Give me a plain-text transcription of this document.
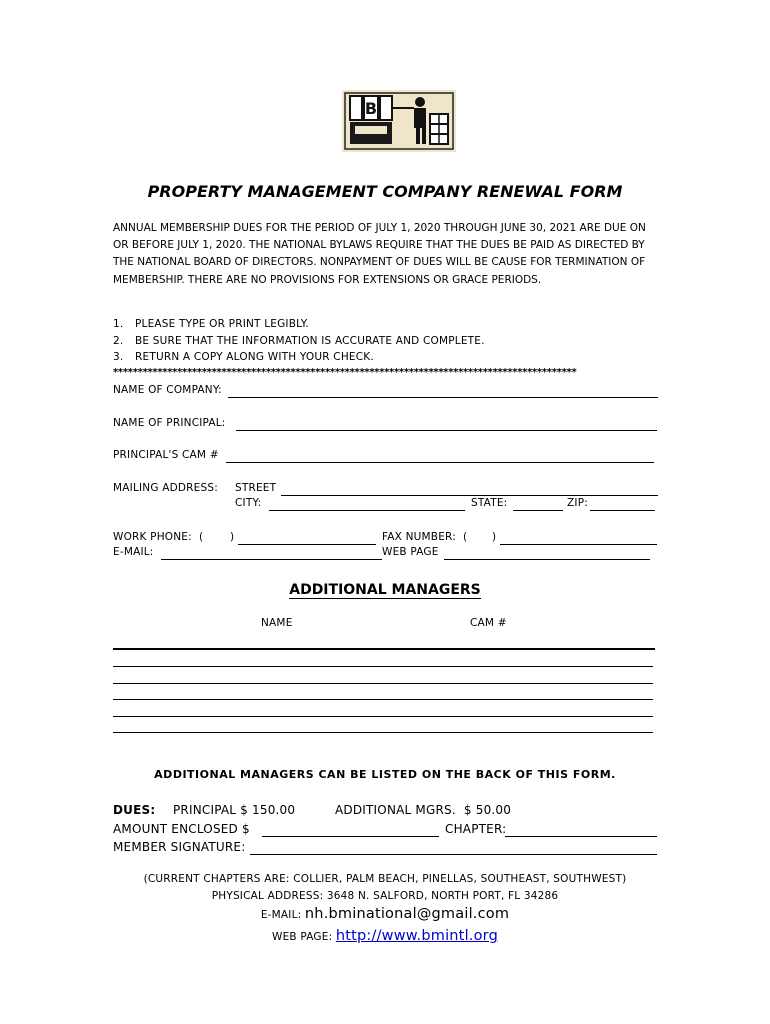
B
PROPERTY MANAGEMENT COMPANY RENEWAL FORM
ANNUAL MEMBERSHIP DUES FOR THE PERIOD OF JULY 1, 2020 THROUGH JUNE 30, 2021 ARE DUE ON OR BEFORE JULY 1, 2020. THE NATIONAL BYLAWS REQUIRE THAT THE DUES BE PAID AS DIRECTED BY THE NATIONAL BOARD OF DIRECTORS. NONPAYMENT OF DUES WILL BE CAUSE FOR TERMINATION OF MEMBERSHIP. THERE ARE NO PROVISIONS FOR EXTENSIONS OR GRACE PERIODS.
1. PLEASE TYPE OR PRINT LEGIBLY.
2. BE SURE THAT THE INFORMATION IS ACCURATE AND COMPLETE.
3. RETURN A COPY ALONG WITH YOUR CHECK.
**********************************************************************************************
NAME OF COMPANY:
NAME OF PRINCIPAL:
PRINCIPAL'S CAM #
MAILING ADDRESS: STREET
CITY:	STATE:	ZIP:
WORK PHONE:  (	)	FAX NUMBER:  ( )
E-MAIL:	WEB PAGE
ADDITIONAL MANAGERS
NAME	CAM #
ADDITIONAL MANAGERS CAN BE LISTED ON THE BACK OF THIS FORM.
DUES: PRINCIPAL $ 150.00	ADDITIONAL MGRS.  $ 50.00
AMOUNT ENCLOSED $	CHAPTER:
MEMBER SIGNATURE:
(CURRENT CHAPTERS ARE: COLLIER, PALM BEACH, PINELLAS, SOUTHEAST, SOUTHWEST)
PHYSICAL ADDRESS: 3648 N. SALFORD, NORTH PORT, FL 34286
E-MAIL: nh.bminational@gmail.com
WEB PAGE: http://www.bmintl.org
